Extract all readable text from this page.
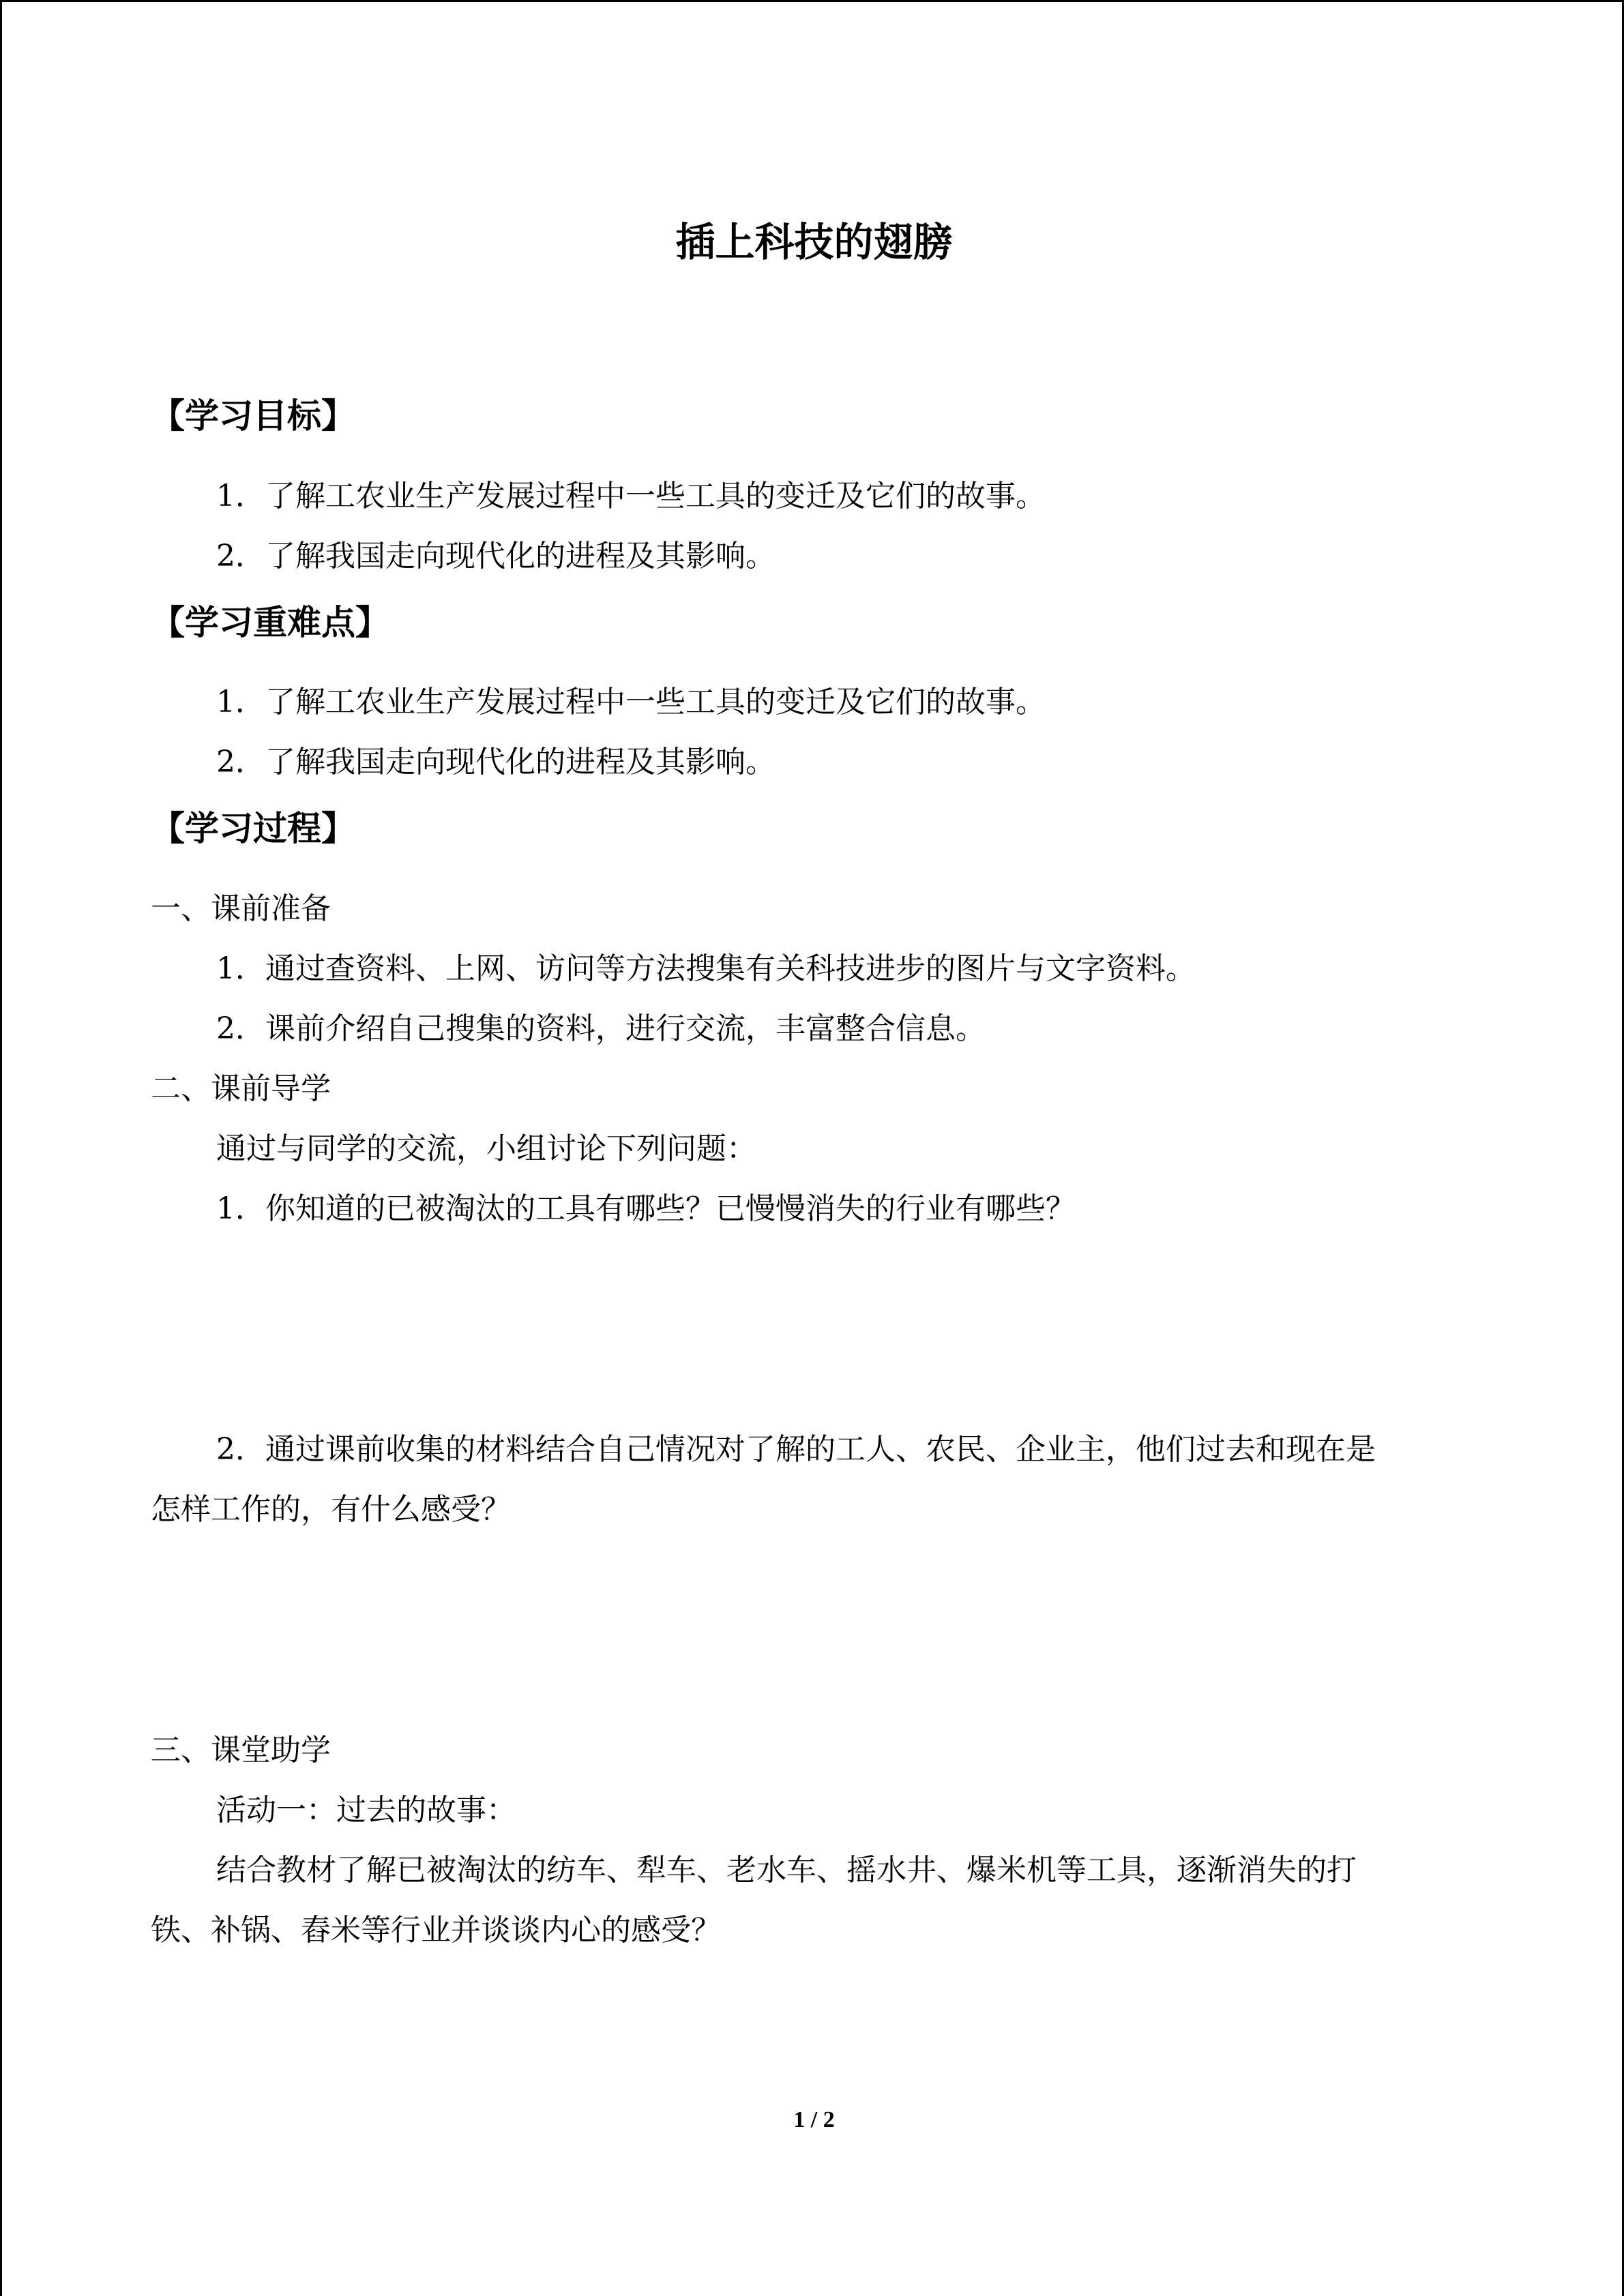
插上科技的翅膀
【学习目标】
1．了解工农业生产发展过程中一些工具的变迁及它们的故事。
2．了解我国走向现代化的进程及其影响。
【学习重难点】
1．了解工农业生产发展过程中一些工具的变迁及它们的故事。
2．了解我国走向现代化的进程及其影响。
【学习过程】
一、课前准备
1．通过查资料、上网、访问等方法搜集有关科技进步的图片与文字资料。
2．课前介绍自己搜集的资料，进行交流，丰富整合信息。
二、课前导学
通过与同学的交流，小组讨论下列问题：
1．你知道的已被淘汰的工具有哪些？已慢慢消失的行业有哪些？
2．通过课前收集的材料结合自己情况对了解的工人、农民、企业主，他们过去和现在是
怎样工作的，有什么感受？
三、课堂助学
活动一：过去的故事：
结合教材了解已被淘汰的纺车、犁车、老水车、摇水井、爆米机等工具，逐渐消失的打
铁、补锅、舂米等行业并谈谈内心的感受？
1 / 2
